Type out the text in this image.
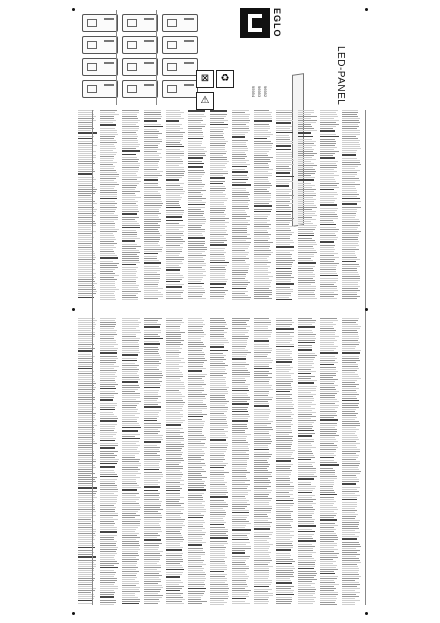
EGLO
LED-PANEL
96952
96953
95954
⊠	♻
⚠
